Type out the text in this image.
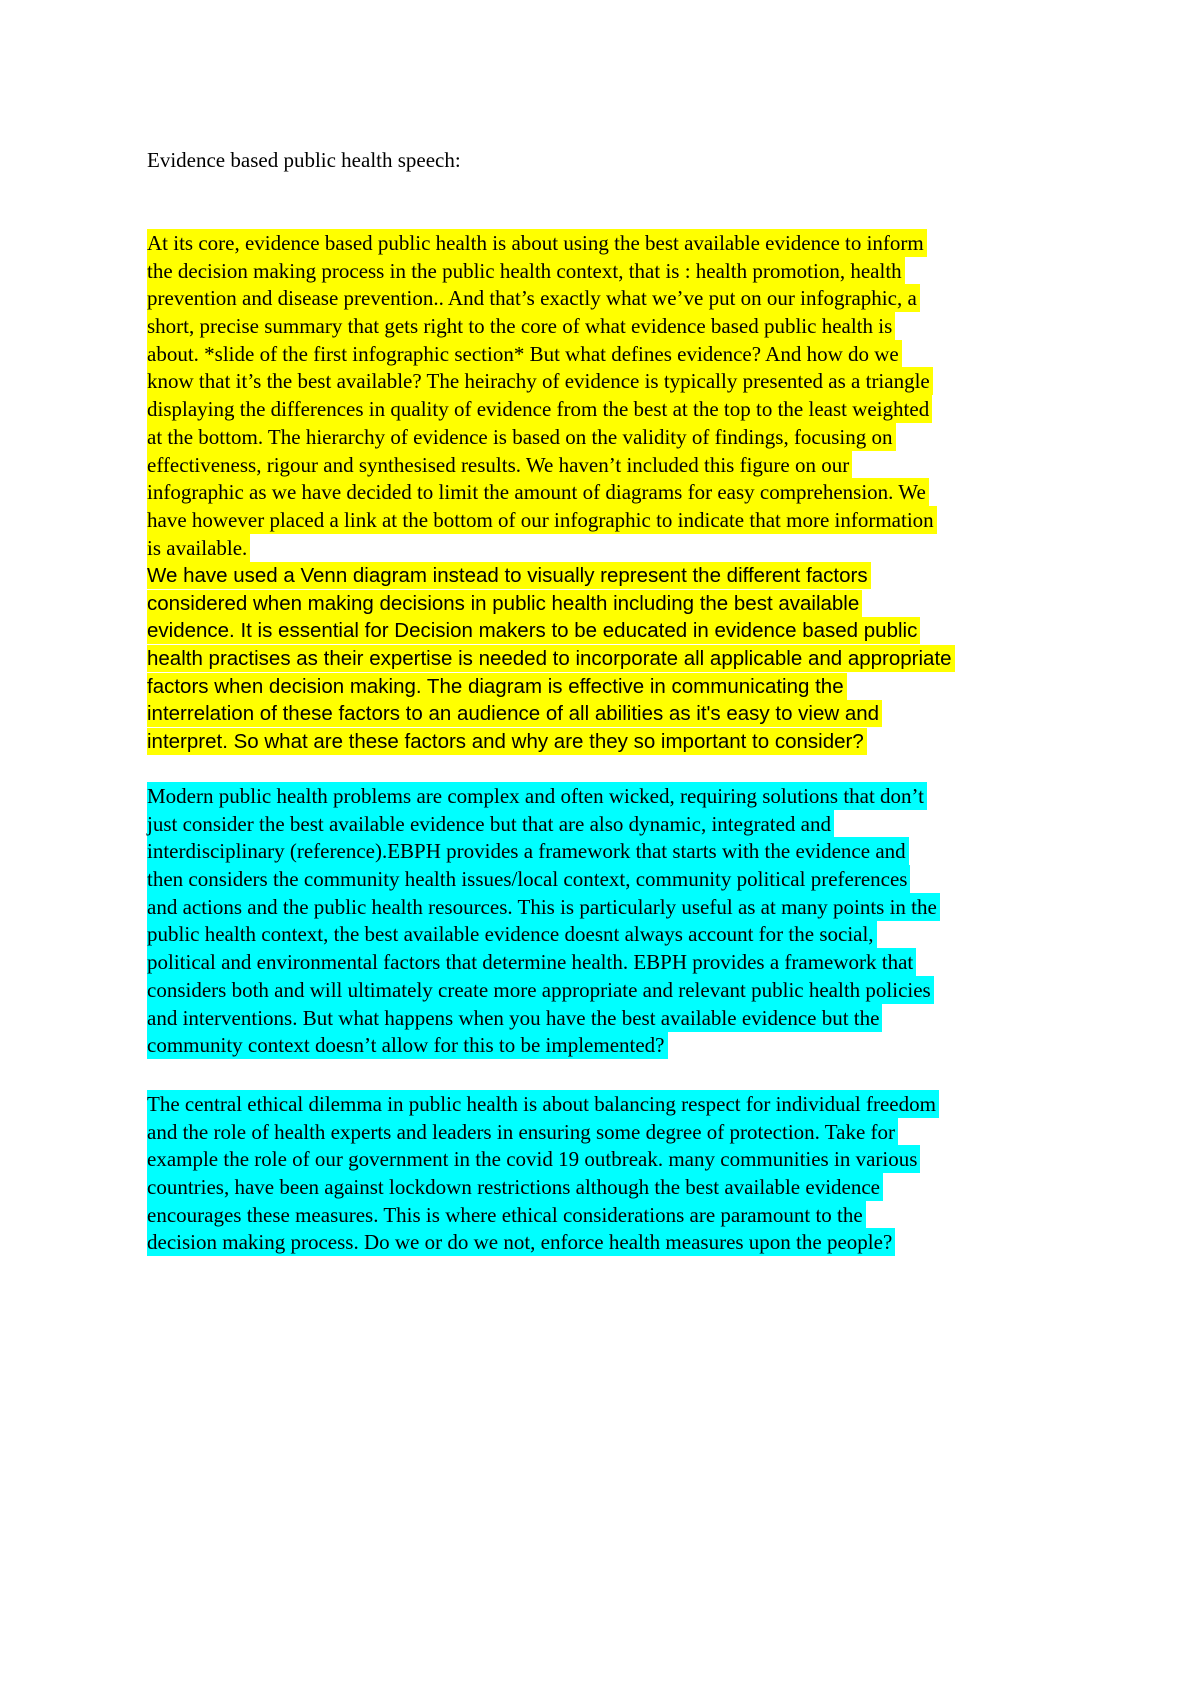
Evidence based public health speech:

At its core, evidence based public health is about using the best available evidence to inform
the decision making process in the public health context, that is : health promotion, health
prevention and disease prevention.. And that’s exactly what we’ve put on our infographic, a
short, precise summary that gets right to the core of what evidence based public health is
about. *slide of the first infographic section* But what defines evidence? And how do we
know that it’s the best available? The heirachy of evidence is typically presented as a triangle
displaying the differences in quality of evidence from the best at the top to the least weighted
at the bottom. The hierarchy of evidence is based on the validity of findings, focusing on
effectiveness, rigour and synthesised results. We haven’t included this figure on our
infographic as we have decided to limit the amount of diagrams for easy comprehension. We
have however placed a link at the bottom of our infographic to indicate that more information
is available.
We have used a Venn diagram instead to visually represent the different factors
considered when making decisions in public health including the best available
evidence. It is essential for Decision makers to be educated in evidence based public
health practises as their expertise is needed to incorporate all applicable and appropriate
factors when decision making. The diagram is effective in communicating the
interrelation of these factors to an audience of all abilities as it's easy to view and
interpret. So what are these factors and why are they so important to consider?
Modern public health problems are complex and often wicked, requiring solutions that don’t
just consider the best available evidence but that are also dynamic, integrated and
interdisciplinary (reference).EBPH provides a framework that starts with the evidence and
then considers the community health issues/local context, community political preferences
and actions and the public health resources. This is particularly useful as at many points in the
public health context, the best available evidence doesnt always account for the social,
political and environmental factors that determine health. EBPH provides a framework that
considers both and will ultimately create more appropriate and relevant public health policies
and interventions. But what happens when you have the best available evidence but the
community context doesn’t allow for this to be implemented?
The central ethical dilemma in public health is about balancing respect for individual freedom
and the role of health experts and leaders in ensuring some degree of protection. Take for
example the role of our government in the covid 19 outbreak. many communities in various
countries, have been against lockdown restrictions although the best available evidence
encourages these measures. This is where ethical considerations are paramount to the
decision making process. Do we or do we not, enforce health measures upon the people?
